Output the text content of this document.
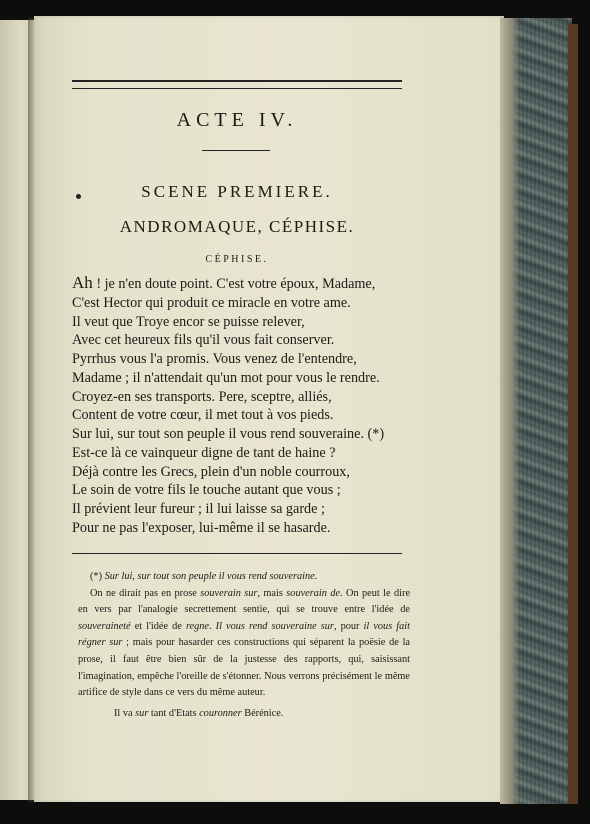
ACTE IV.
SCENE PREMIERE.
ANDROMAQUE, CÉPHISE.
CÉPHISE.
Ah ! je n'en doute point. C'est votre époux, Madame,
C'est Hector qui produit ce miracle en votre ame.
Il veut que Troye encor se puisse relever,
Avec cet heureux fils qu'il vous fait conserver.
Pyrrhus vous l'a promis. Vous venez de l'entendre,
Madame ; il n'attendait qu'un mot pour vous le rendre.
Croyez-en ses transports. Pere, sceptre, alliés,
Content de votre cœur, il met tout à vos pieds.
Sur lui, sur tout son peuple il vous rend souveraine. (*)
Est-ce là ce vainqueur digne de tant de haine ?
Déjà contre les Grecs, plein d'un noble courroux,
Le soin de votre fils le touche autant que vous ;
Il prévient leur fureur ; il lui laisse sa garde ;
Pour ne pas l'exposer, lui-même il se hasarde.

(*) Sur lui, sur tout son peuple il vous rend souveraine.

On ne dirait pas en prose souverain sur, mais souverain de. On peut le dire en vers par l'analogie secrettement sentie, qui se trouve entre l'idée de souveraineté et l'idée de regne. Il vous rend souveraine sur, pour il vous fait régner sur ; mais pour hasarder ces constructions qui séparent la poësie de la prose, il faut être bien sûr de la justesse des rapports, qui, saisissant l'imagination, empêche l'oreille de s'étonner. Nous verrons précisément le même artifice de style dans ce vers du même auteur.

Il va sur tant d'Etats couronner Bérénice.
